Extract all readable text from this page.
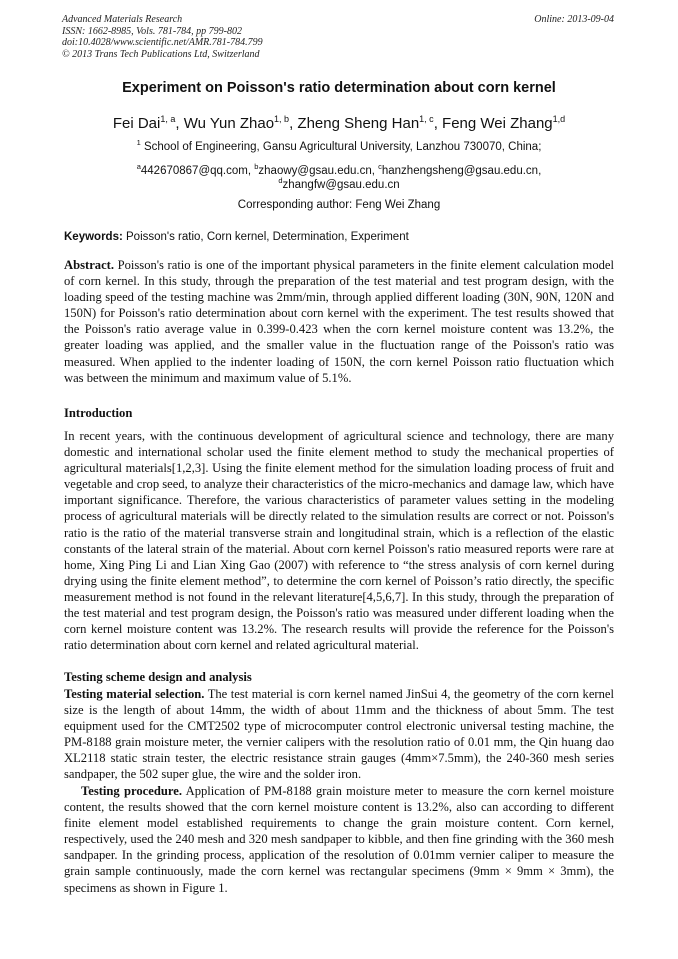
Advanced Materials Research
ISSN: 1662-8985, Vols. 781-784, pp 799-802
doi:10.4028/www.scientific.net/AMR.781-784.799
© 2013 Trans Tech Publications Ltd, Switzerland
Online: 2013-09-04
Experiment on Poisson's ratio determination about corn kernel
Fei Dai$^{1, a}$, Wu Yun Zhao$^{1, b}$, Zheng Sheng Han$^{1, c}$, Feng Wei Zhang$^{1,d}$
$^1$ School of Engineering, Gansu Agricultural University, Lanzhou 730070, China;
$^a$442670867@qq.com, $^b$zhaowy@gsau.edu.cn, $^c$hanzhengsheng@gsau.edu.cn,
$^d$zhangfw@gsau.edu.cn
Corresponding author: Feng Wei Zhang
Keywords: Poisson's ratio, Corn kernel, Determination, Experiment
Abstract. Poisson's ratio is one of the important physical parameters in the finite element calculation model of corn kernel. In this study, through the preparation of the test material and test program design, with the loading speed of the testing machine was 2mm/min, through applied different loading (30N, 90N, 120N and 150N) for Poisson's ratio determination about corn kernel with the experiment. The test results showed that the Poisson's ratio average value in 0.399-0.423 when the corn kernel moisture content was 13.2%, the greater loading was applied, and the smaller value in the fluctuation range of the Poisson's ratio was measured. When applied to the indenter loading of 150N, the corn kernel Poisson ratio fluctuation which was between the minimum and maximum value of 5.1%.
Introduction
In recent years, with the continuous development of agricultural science and technology, there are many domestic and international scholar used the finite element method to study the mechanical properties of agricultural materials[1,2,3]. Using the finite element method for the simulation loading process of fruit and vegetable and crop seed, to analyze their characteristics of the micro-mechanics and damage law, which have important significance. Therefore, the various characteristics of parameter values setting in the modeling process of agricultural materials will be directly related to the simulation results are correct or not. Poisson's ratio is the ratio of the material transverse strain and longitudinal strain, which is a reflection of the elastic constants of the lateral strain of the material. About corn kernel Poisson's ratio measured reports were rare at home, Xing Ping Li and Lian Xing Gao (2007) with reference to “the stress analysis of corn kernel during drying using the finite element method”, to determine the corn kernel of Poisson’s ratio directly, the specific measurement method is not found in the relevant literature[4,5,6,7]. In this study, through the preparation of the test material and test program design, the Poisson's ratio was measured under different loading when the corn kernel moisture content was 13.2%. The research results will provide the reference for the Poisson's ratio determination about corn kernel and related agricultural material.
Testing scheme design and analysis
Testing material selection. The test material is corn kernel named JinSui 4, the geometry of the corn kernel size is the length of about 14mm, the width of about 11mm and the thickness of about 5mm. The test equipment used for the CMT2502 type of microcomputer control electronic universal testing machine, the PM-8188 grain moisture meter, the vernier calipers with the resolution ratio of 0.01 mm, the Qin huang dao XL2118 static strain tester, the electric resistance strain gauges (4mm×7.5mm), the 240-360 mesh series sandpaper, the 502 super glue, the wire and the solder iron.
Testing procedure. Application of PM-8188 grain moisture meter to measure the corn kernel moisture content, the results showed that the corn kernel moisture content is 13.2%, also can according to different finite element model established requirements to change the grain moisture content. Corn kernel, respectively, used the 240 mesh and 320 mesh sandpaper to kibble, and then fine grinding with the 360 mesh sandpaper. In the grinding process, application of the resolution of 0.01mm vernier caliper to measure the grain sample continuously, made the corn kernel was rectangular specimens (9mm × 9mm × 3mm), the specimens as shown in Figure 1.
